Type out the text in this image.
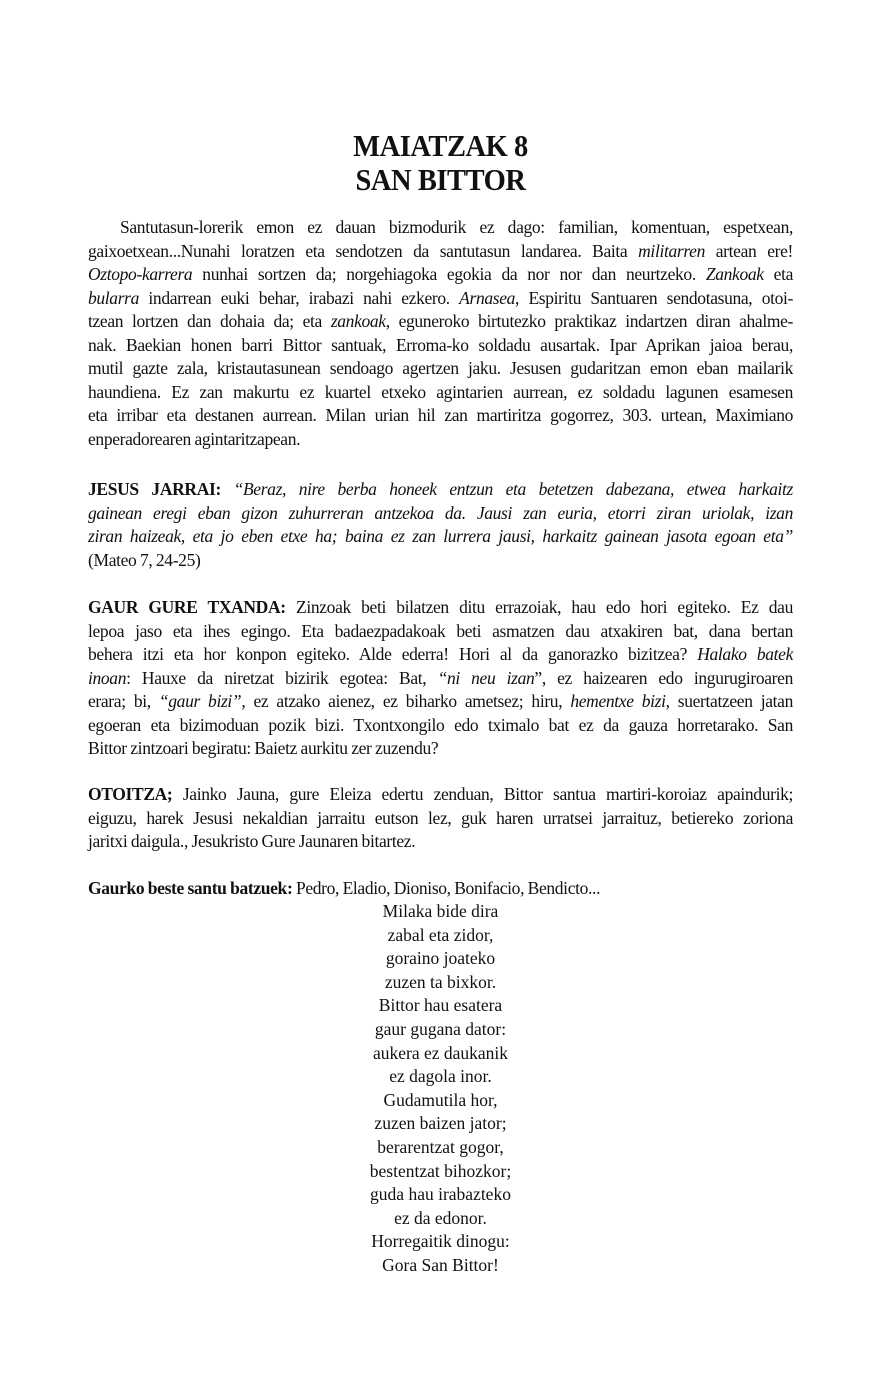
MAIATZAK 8
SAN BITTOR
Santutasun-lorerik emon ez dauan bizmodurik ez dago: familian, komentuan, espetxean,
gaixoetxean...Nunahi loratzen eta sendotzen da santutasun landarea. Baita militarren artean ere!
Oztopo-karrera nunhai sortzen da; norgehiagoka egokia da nor nor dan neurtzeko. Zankoak eta
bularra indarrean euki behar, irabazi nahi ezkero. Arnasea, Espiritu Santuaren sendotasuna, otoi-
tzean lortzen dan dohaia da; eta zankoak, eguneroko birtutezko praktikaz indartzen diran ahalme-
nak. Baekian honen barri Bittor santuak, Erroma-ko soldadu ausartak. Ipar Aprikan jaioa berau,
mutil gazte zala, kristautasunean sendoago agertzen jaku. Jesusen gudaritzan emon eban mailarik
haundiena. Ez zan makurtu ez kuartel etxeko agintarien aurrean, ez soldadu lagunen esamesen
eta irribar eta destanen aurrean. Milan urian hil zan martiritza gogorrez, 303. urtean, Maximiano
enperadorearen agintaritzapean.
JESUS JARRAI: “Beraz, nire berba honeek entzun eta betetzen dabezana, etwea harkaitz
gainean eregi eban gizon zuhurreran antzekoa da. Jausi zan euria, etorri ziran uriolak, izan
ziran haizeak, eta jo eben etxe ha; baina ez zan lurrera jausi, harkaitz gainean jasota egoan eta”
(Mateo 7, 24-25)
GAUR GURE TXANDA: Zinzoak beti bilatzen ditu errazoiak, hau edo hori egiteko. Ez dau
lepoa jaso eta ihes egingo. Eta badaezpadakoak beti asmatzen dau atxakiren bat, dana bertan
behera itzi eta hor konpon egiteko. Alde ederra! Hori al da ganorazko bizitzea? Halako batek
inoan: Hauxe da niretzat bizirik egotea: Bat, “ni neu izan”, ez haizearen edo ingurugiroaren
erara; bi, “gaur bizi”, ez atzako aienez, ez biharko ametsez; hiru, hementxe bizi, suertatzeen jatan
egoeran eta bizimoduan pozik bizi. Txontxongilo edo tximalo bat ez da gauza horretarako. San
Bittor zintzoari begiratu: Baietz aurkitu zer zuzendu?
OTOITZA; Jainko Jauna, gure Eleiza edertu zenduan, Bittor santua martiri-koroiaz apaindurik;
eiguzu, harek Jesusi nekaldian jarraitu eutson lez, guk haren urratsei jarraituz, betiereko zoriona
jaritxi daigula., Jesukristo Gure Jaunaren bitartez.
Gaurko beste santu batzuek: Pedro, Eladio, Dioniso, Bonifacio, Bendicto...
Milaka bide dira
zabal eta zidor,
goraino joateko
zuzen ta bixkor.
Bittor hau esatera
gaur gugana dator:
aukera ez daukanik
ez dagola inor.
Gudamutila hor,
zuzen baizen jator;
berarentzat gogor,
bestentzat bihozkor;
guda hau irabazteko
ez da edonor.
Horregaitik dinogu:
Gora San Bittor!
